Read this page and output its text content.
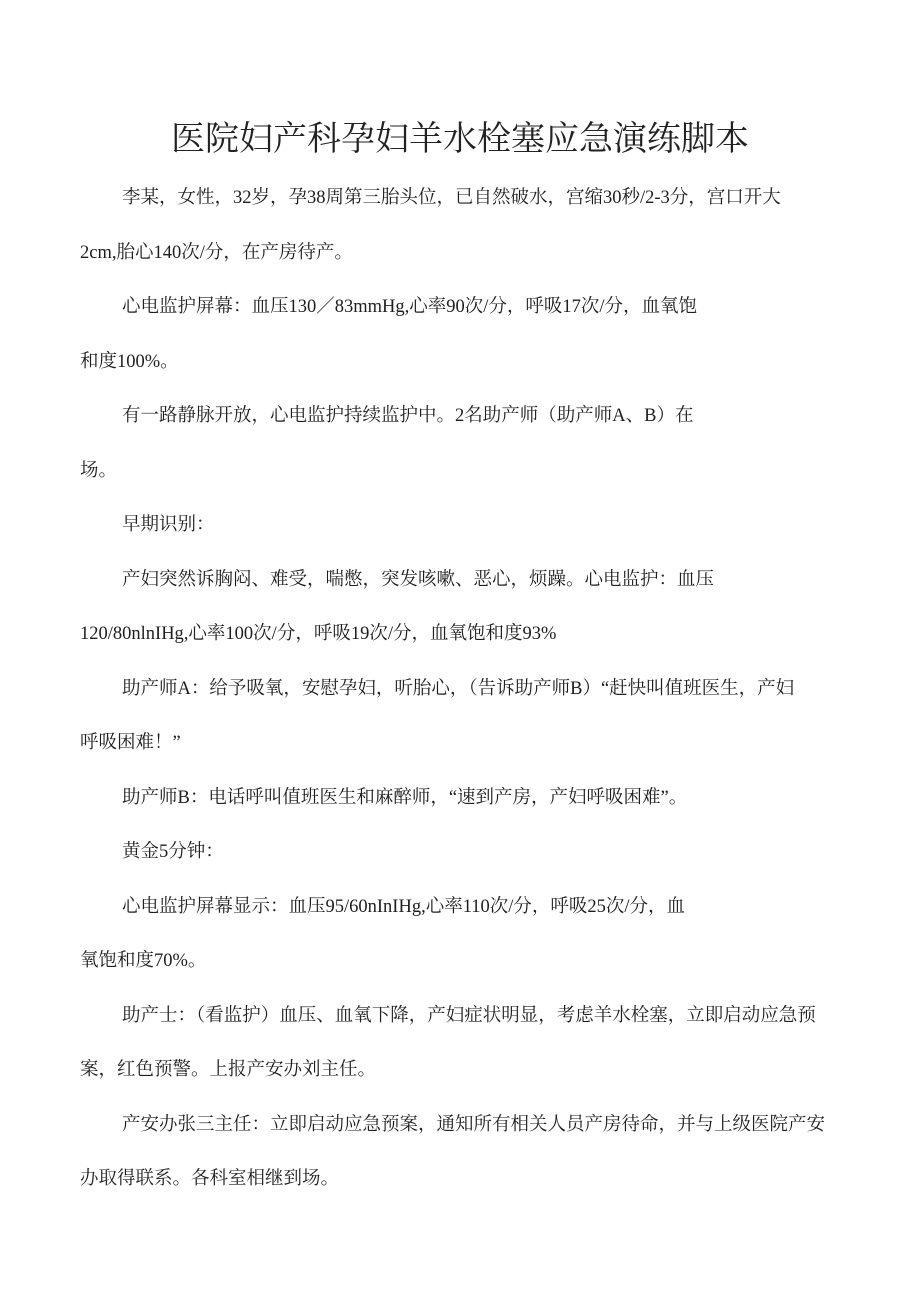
医院妇产科孕妇羊水栓塞应急演练脚本
李某，女性，32岁，孕38周第三胎头位，已自然破水，宫缩30秒/2-3分，宫口开大
2cm,胎心140次/分，在产房待产。
心电监护屏幕：血压130／83mmHg,心率90次/分，呼吸17次/分，血氧饱
和度100%。
有一路静脉开放，心电监护持续监护中。2名助产师（助产师A、B）在
场。
早期识别：
产妇突然诉胸闷、难受，喘憋，突发咳嗽、恶心，烦躁。心电监护：血压
120/80nlnIHg,心率100次/分，呼吸19次/分，血氧饱和度93%
助产师A：给予吸氧，安慰孕妇，听胎心，（告诉助产师B）“赶快叫值班医生，产妇
呼吸困难！”
助产师B：电话呼叫值班医生和麻醉师，“速到产房，产妇呼吸困难”。
黄金5分钟：
心电监护屏幕显示：血压95/60nInIHg,心率110次/分，呼吸25次/分，血
氧饱和度70%。
助产士：（看监护）血压、血氧下降，产妇症状明显，考虑羊水栓塞，立即启动应急预
案，红色预警。上报产安办刘主任。
产安办张三主任：立即启动应急预案，通知所有相关人员产房待命，并与上级医院产安
办取得联系。各科室相继到场。
